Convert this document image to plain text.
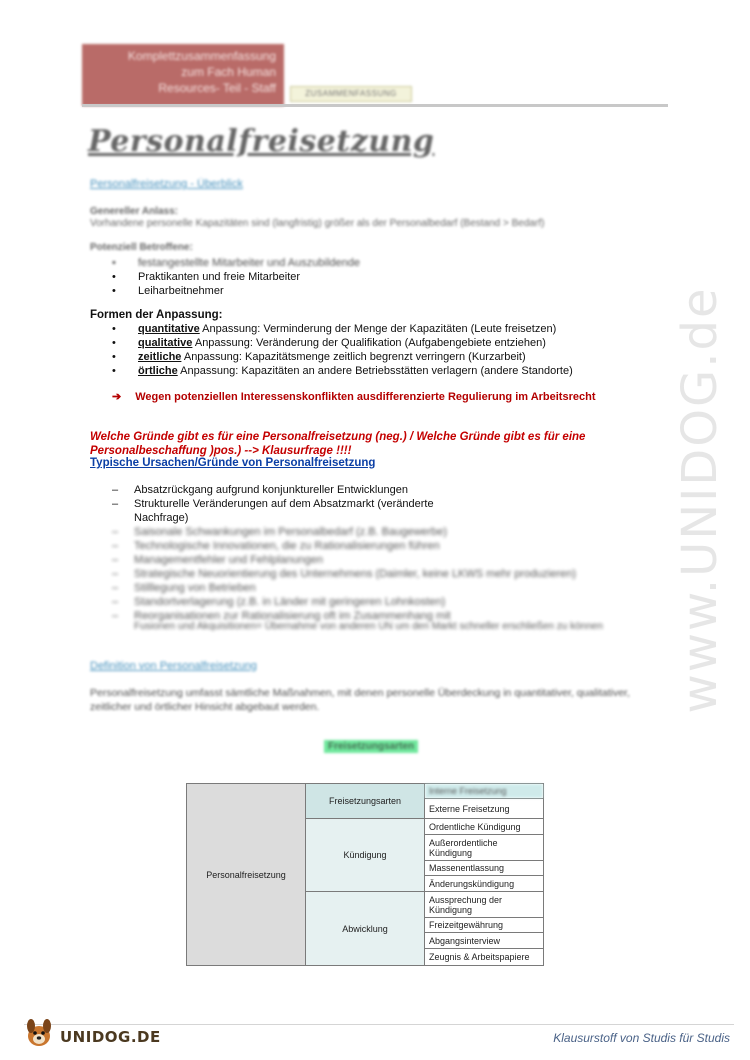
Komplettzusammenfassung
zum Fach Human
Resources- Teil - Staff	ZUSAMMENFASSUNG
Personalfreisetzung
Personalfreisetzung - Überblick
Genereller Anlass:
Vorhandene personelle Kapazitäten sind (langfristig) größer als der Personalbedarf (Bestand > Bedarf)
Potenziell Betroffene:
• festangestellte Mitarbeiter und Auszubildende
• Praktikanten und freie Mitarbeiter
• Leiharbeitnehmer
Formen der Anpassung:
• quantitative Anpassung: Verminderung der Menge der Kapazitäten (Leute freisetzen)
• qualitative Anpassung: Veränderung der Qualifikation (Aufgabengebiete entziehen)
• zeitliche Anpassung: Kapazitätsmenge zeitlich begrenzt verringern (Kurzarbeit)
• örtliche Anpassung: Kapazitäten an andere Betriebsstätten verlagern (andere Standorte)
➔ Wegen potenziellen Interessenskonflikten ausdifferenzierte Regulierung im Arbeitsrecht
Welche Gründe gibt es für eine Personalfreisetzung (neg.) / Welche Gründe gibt es für eine
Personalbeschaffung )pos.) --> Klausurfrage !!!!
Typische Ursachen/Gründe von Personalfreisetzung
– Absatzrückgang aufgrund konjunktureller Entwicklungen
– Strukturelle Veränderungen auf dem Absatzmarkt (veränderte
Nachfrage)
– Saisonale Schwankungen im Personalbedarf (z.B. Baugewerbe)
– Technologische Innovationen, die zu Rationalisierungen führen
– Managementfehler und Fehlplanungen
– Strategische Neuorientierung des Unternehmens (Daimler, keine LKWS mehr produzieren)
– Stilllegung von Betrieben
– Standortverlagerung (z.B. in Länder mit geringeren Lohnkosten)
– Reorganisationen zur Rationalisierung oft im Zusammenhang mit
Fusionen und Akquisitionen= Übernahme von anderen UN um den Markt schneller erschließen zu können
Definition von Personalfreisetzung
Personalfreisetzung umfasst sämtliche Maßnahmen, mit denen personelle Überdeckung in quantitativer, qualitativer, zeitlicher und örtlicher Hinsicht abgebaut werden.
Freisetzungsarten
Personalfreisetzung	Freisetzungsarten	Interne Freisetzung
		Externe Freisetzung
	Kündigung	Ordentliche Kündigung
		Außerordentliche Kündigung
		Massenentlassung
		Änderungskündigung
	Abwicklung	Aussprechung der Kündigung
		Freizeitgewährung
		Abgangsinterview
		Zeugnis & Arbeitspapiere
www.UNIDOG.de
UNIDOG.DE	Klausurstoff von Studis für Studis
